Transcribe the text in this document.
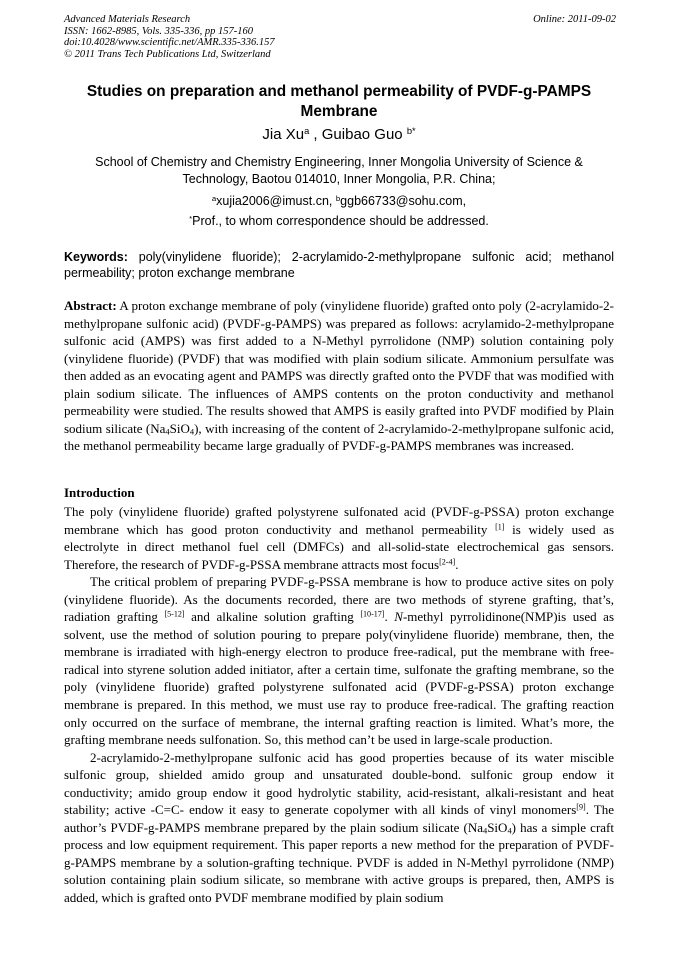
Advanced Materials Research
ISSN: 1662-8985, Vols. 335-336, pp 157-160
doi:10.4028/www.scientific.net/AMR.335-336.157
© 2011 Trans Tech Publications Ltd, Switzerland
Online: 2011-09-02
Studies on preparation and methanol permeability of PVDF-g-PAMPS
Membrane
Jia Xu$^a$ , Guibao Guo $^{b*}$
School of Chemistry and Chemistry Engineering, Inner Mongolia University of Science &
Technology, Baotou 014010, Inner Mongolia, P.R. China;
$^a$xujia2006@imust.cn, $^b$ggb66733@sohu.com,
*Prof., to whom correspondence should be addressed.
Keywords: poly(vinylidene fluoride); 2-acrylamido-2-methylpropane sulfonic acid; methanol permeability; proton exchange membrane
Abstract: A proton exchange membrane of poly (vinylidene fluoride) grafted onto poly (2-acrylamido-2-methylpropane sulfonic acid) (PVDF-g-PAMPS) was prepared as follows: acrylamido-2-methylpropane sulfonic acid (AMPS) was first added to a N-Methyl pyrrolidone (NMP) solution containing poly (vinylidene fluoride) (PVDF) that was modified with plain sodium silicate. Ammonium persulfate was then added as an evocating agent and PAMPS was directly grafted onto the PVDF that was modified with plain sodium silicate. The influences of AMPS contents on the proton conductivity and methanol permeability were studied. The results showed that AMPS is easily grafted into PVDF modified by Plain sodium silicate $(Na_4SiO_4)$, with increasing of the content of 2-acrylamido-2-methylpropane sulfonic acid, the methanol permeability became large gradually of PVDF-g-PAMPS membranes was increased.
Introduction

The poly (vinylidene fluoride) grafted polystyrene sulfonated acid (PVDF-g-PSSA) proton exchange membrane which has good proton conductivity and methanol permeability [1] is widely used as electrolyte in direct methanol fuel cell (DMFCs) and all-solid-state electrochemical gas sensors. Therefore, the research of PVDF-g-PSSA membrane attracts most focus[2-4].

The critical problem of preparing PVDF-g-PSSA membrane is how to produce active sites on poly (vinylidene fluoride). As the documents recorded, there are two methods of styrene grafting, that’s, radiation grafting [5-12] and alkaline solution grafting [10-17]. N-methyl pyrrolidinone(NMP)is used as solvent, use the method of solution pouring to prepare poly(vinylidene fluoride) membrane, then, the membrane is irradiated with high-energy electron to produce free-radical, put the membrane with free-radical into styrene solution added initiator, after a certain time, sulfonate the grafting membrane, so the poly (vinylidene fluoride) grafted polystyrene sulfonated acid (PVDF-g-PSSA) proton exchange membrane is prepared. In this method, we must use ray to produce free-radical. The grafting reaction only occurred on the surface of membrane, the internal grafting reaction is limited. What’s more, the grafting membrane needs sulfonation. So, this method can’t be used in large-scale production.

2-acrylamido-2-methylpropane sulfonic acid has good properties because of its water miscible sulfonic group, shielded amido group and unsaturated double-bond. sulfonic group endow it conductivity; amido group endow it good hydrolytic stability, acid-resistant, alkali-resistant and heat stability; active -C=C- endow it easy to generate copolymer with all kinds of vinyl monomers[9]. The author’s PVDF-g-PAMPS membrane prepared by the plain sodium silicate $(Na_4SiO_4)$ has a simple craft process and low equipment requirement. This paper reports a new method for the preparation of PVDF-g-PAMPS membrane by a solution-grafting technique. PVDF is added in N-Methyl pyrrolidone (NMP) solution containing plain sodium silicate, so membrane with active groups is prepared, then, AMPS is added, which is grafted onto PVDF membrane modified by plain sodium
